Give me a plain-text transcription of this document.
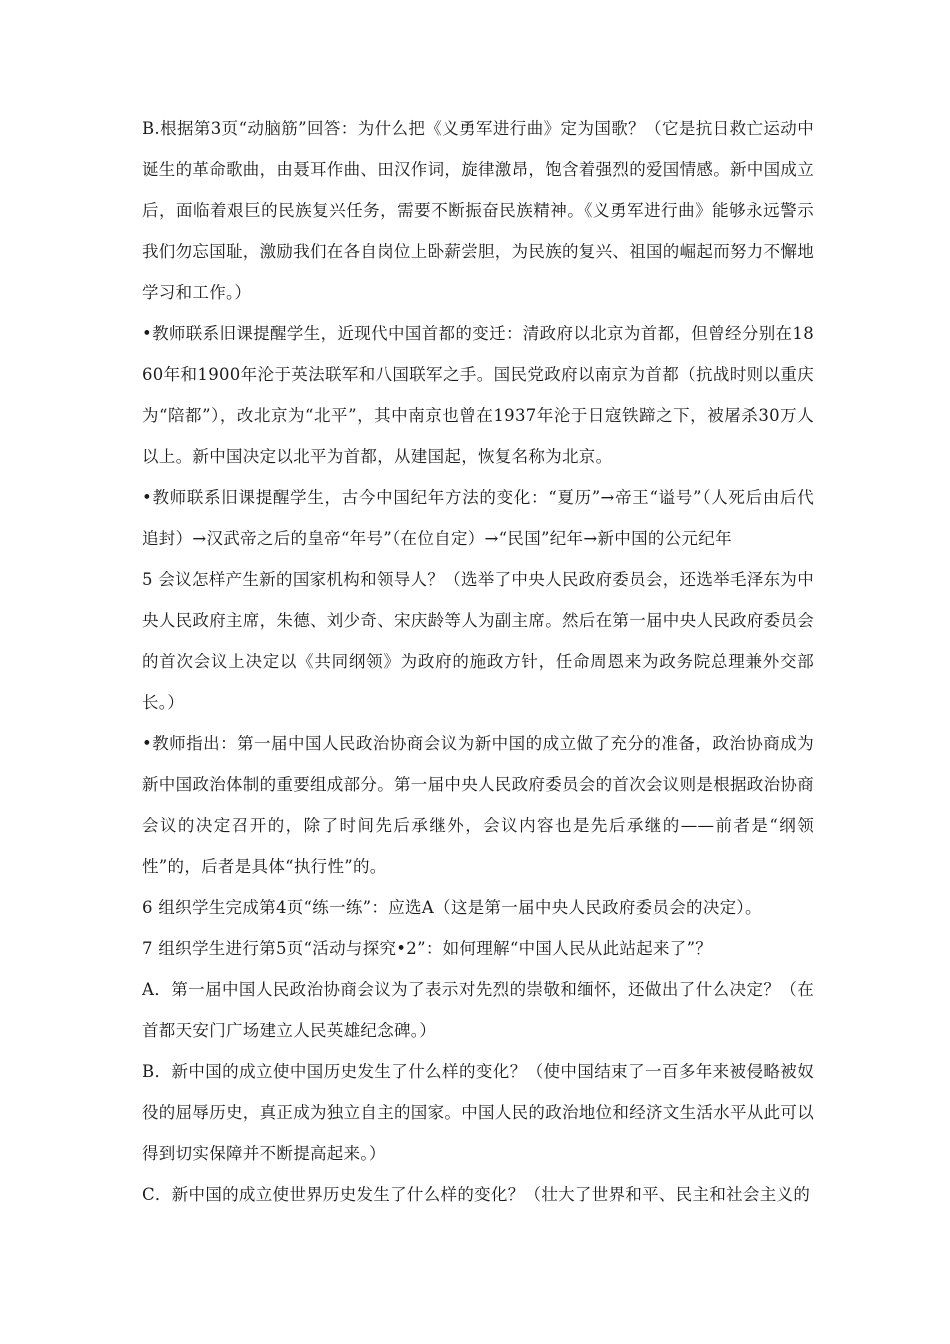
B.根据第3页“动脑筋”回答：为什么把《义勇军进行曲》定为国歌？（它是抗日救亡运动中诞生的革命歌曲，由聂耳作曲、田汉作词，旋律激昂，饱含着强烈的爱国情感。新中国成立后，面临着艰巨的民族复兴任务，需要不断振奋民族精神。《义勇军进行曲》能够永远警示我们勿忘国耻，激励我们在各自岗位上卧薪尝胆，为民族的复兴、祖国的崛起而努力不懈地学习和工作。）

•教师联系旧课提醒学生，近现代中国首都的变迁：清政府以北京为首都，但曾经分别在1860年和1900年沦于英法联军和八国联军之手。国民党政府以南京为首都（抗战时则以重庆为“陪都”），改北京为“北平”，其中南京也曾在1937年沦于日寇铁蹄之下，被屠杀30万人以上。新中国决定以北平为首都，从建国起，恢复名称为北京。

•教师联系旧课提醒学生，古今中国纪年方法的变化：“夏历”→帝王“谥号”（人死后由后代追封）→汉武帝之后的皇帝“年号”（在位自定）→“民国”纪年→新中国的公元纪年

5 会议怎样产生新的国家机构和领导人？（选举了中央人民政府委员会，还选举毛泽东为中央人民政府主席，朱德、刘少奇、宋庆龄等人为副主席。然后在第一届中央人民政府委员会的首次会议上决定以《共同纲领》为政府的施政方针，任命周恩来为政务院总理兼外交部长。）

•教师指出：第一届中国人民政治协商会议为新中国的成立做了充分的准备，政治协商成为新中国政治体制的重要组成部分。第一届中央人民政府委员会的首次会议则是根据政治协商会议的决定召开的，除了时间先后承继外，会议内容也是先后承继的——前者是“纲领性”的，后者是具体“执行性”的。

6 组织学生完成第4页“练一练”：应选A（这是第一届中央人民政府委员会的决定）。

7 组织学生进行第5页“活动与探究•2”：如何理解“中国人民从此站起来了”？

A．第一届中国人民政治协商会议为了表示对先烈的崇敬和缅怀，还做出了什么决定？（在首都天安门广场建立人民英雄纪念碑。）

B．新中国的成立使中国历史发生了什么样的变化？（使中国结束了一百多年来被侵略被奴役的屈辱历史，真正成为独立自主的国家。中国人民的政治地位和经济文生活水平从此可以得到切实保障并不断提高起来。）

C．新中国的成立使世界历史发生了什么样的变化？（壮大了世界和平、民主和社会主义的
